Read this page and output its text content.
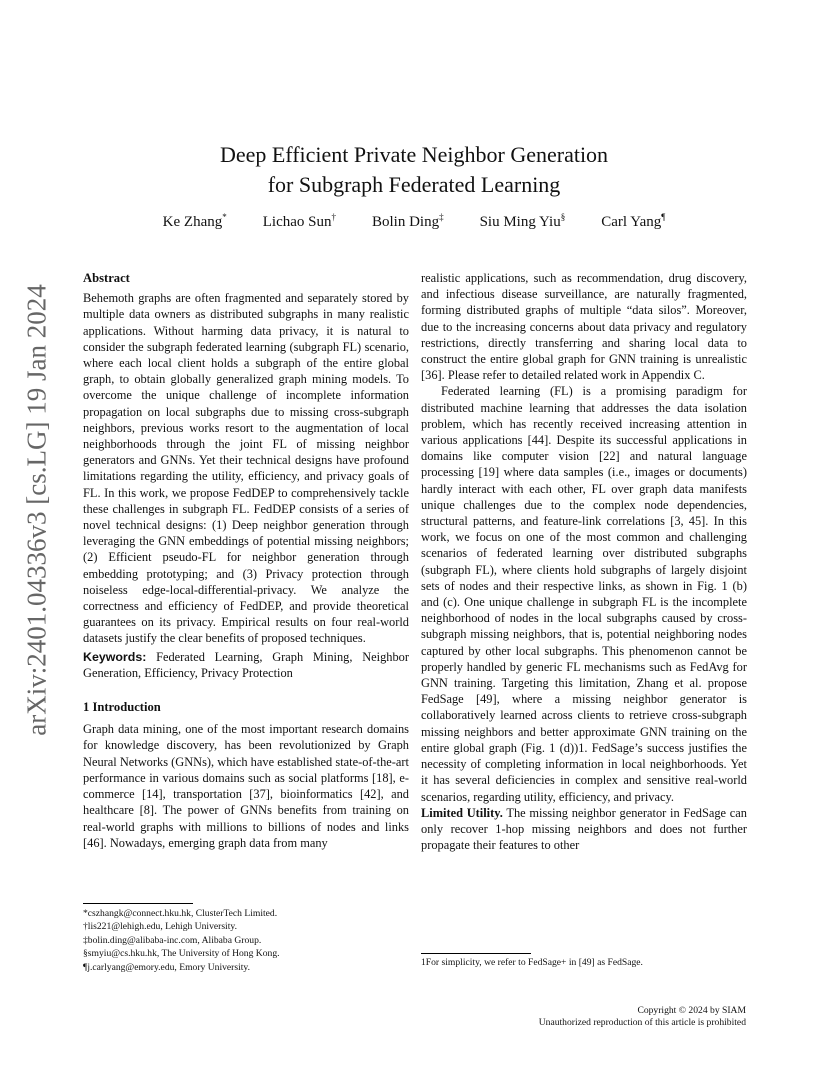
arXiv:2401.04336v3 [cs.LG] 19 Jan 2024
Deep Efficient Private Neighbor Generation
for Subgraph Federated Learning
Ke Zhang* Lichao Sun† Bolin Ding‡ Siu Ming Yiu§ Carl Yang¶
Abstract

Behemoth graphs are often fragmented and separately stored by multiple data owners as distributed subgraphs in many realistic applications. Without harming data privacy, it is natural to consider the subgraph federated learning (subgraph FL) scenario, where each local client holds a subgraph of the entire global graph, to obtain globally generalized graph mining models. To overcome the unique challenge of incomplete information propagation on local subgraphs due to missing cross-subgraph neighbors, previous works resort to the augmentation of local neighborhoods through the joint FL of missing neighbor generators and GNNs. Yet their technical designs have profound limitations regarding the utility, efficiency, and privacy goals of FL. In this work, we propose FedDEP to comprehensively tackle these challenges in subgraph FL. FedDEP consists of a series of novel technical designs: (1) Deep neighbor generation through leveraging the GNN embeddings of potential missing neighbors; (2) Efficient pseudo-FL for neighbor generation through embedding prototyping; and (3) Privacy protection through noiseless edge-local-differential-privacy. We analyze the correctness and efficiency of FedDEP, and provide theoretical guarantees on its privacy. Empirical results on four real-world datasets justify the clear benefits of proposed techniques.

Keywords: Federated Learning, Graph Mining, Neighbor Generation, Efficiency, Privacy Protection

1 Introduction

Graph data mining, one of the most important research domains for knowledge discovery, has been revolutionized by Graph Neural Networks (GNNs), which have established state-of-the-art performance in various domains such as social platforms [18], e-commerce [14], transportation [37], bioinformatics [42], and healthcare [8]. The power of GNNs benefits from training on real-world graphs with millions to billions of nodes and links [46]. Nowadays, emerging graph data from many

realistic applications, such as recommendation, drug discovery, and infectious disease surveillance, are naturally fragmented, forming distributed graphs of multiple “data silos”. Moreover, due to the increasing concerns about data privacy and regulatory restrictions, directly transferring and sharing local data to construct the entire global graph for GNN training is unrealistic [36]. Please refer to detailed related work in Appendix C.

Federated learning (FL) is a promising paradigm for distributed machine learning that addresses the data isolation problem, which has recently received increasing attention in various applications [44]. Despite its successful applications in domains like computer vision [22] and natural language processing [19] where data samples (i.e., images or documents) hardly interact with each other, FL over graph data manifests unique challenges due to the complex node dependencies, structural patterns, and feature-link correlations [3, 45]. In this work, we focus on one of the most common and challenging scenarios of federated learning over distributed subgraphs (subgraph FL), where clients hold subgraphs of largely disjoint sets of nodes and their respective links, as shown in Fig. 1 (b) and (c). One unique challenge in subgraph FL is the incomplete neighborhood of nodes in the local subgraphs caused by cross-subgraph missing neighbors, that is, potential neighboring nodes captured by other local subgraphs. This phenomenon cannot be properly handled by generic FL mechanisms such as FedAvg for GNN training. Targeting this limitation, Zhang et al. propose FedSage [49], where a missing neighbor generator is collaboratively learned across clients to retrieve cross-subgraph missing neighbors and better approximate GNN training on the entire global graph (Fig. 1 (d))1. FedSage’s success justifies the necessity of completing information in local neighborhoods. Yet it has several deficiencies in complex and sensitive real-world scenarios, regarding utility, efficiency, and privacy.

Limited Utility. The missing neighbor generator in FedSage can only recover 1-hop missing neighbors and does not further propagate their features to other

*cszhangk@connect.hku.hk, ClusterTech Limited.
†lis221@lehigh.edu, Lehigh University.
‡bolin.ding@alibaba-inc.com, Alibaba Group.
§smyiu@cs.hku.hk, The University of Hong Kong.
¶j.carlyang@emory.edu, Emory University.	1For simplicity, we refer to FedSage+ in [49] as FedSage.
Copyright © 2024 by SIAM
Unauthorized reproduction of this article is prohibited
